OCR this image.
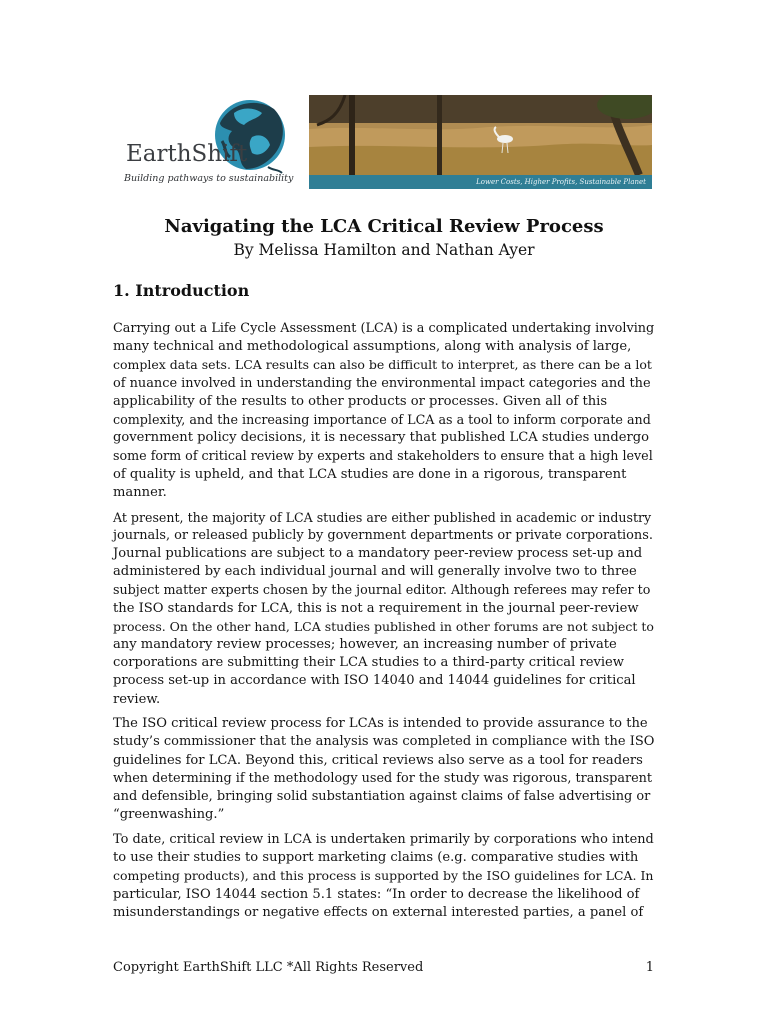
EarthShift
Building pathways to sustainability	Lower Costs, Higher Profits, Sustainable Planet
Navigating the LCA Critical Review Process
By Melissa Hamilton and Nathan Ayer
1. Introduction

Carrying out a Life Cycle Assessment (LCA) is a complicated undertaking involving
many technical and methodological assumptions, along with analysis of large,
complex data sets. LCA results can also be difficult to interpret, as there can be a lot
of nuance involved in understanding the environmental impact categories and the
applicability of the results to other products or processes. Given all of this
complexity, and the increasing importance of LCA as a tool to inform corporate and
government policy decisions, it is necessary that published LCA studies undergo
some form of critical review by experts and stakeholders to ensure that a high level
of quality is upheld, and that LCA studies are done in a rigorous, transparent
manner.

At present, the majority of LCA studies are either published in academic or industry
journals, or released publicly by government departments or private corporations.
Journal publications are subject to a mandatory peer-review process set-up and
administered by each individual journal and will generally involve two to three
subject matter experts chosen by the journal editor. Although referees may refer to
the ISO standards for LCA, this is not a requirement in the journal peer-review
process. On the other hand, LCA studies published in other forums are not subject to
any mandatory review processes; however, an increasing number of private
corporations are submitting their LCA studies to a third-party critical review
process set-up in accordance with ISO 14040 and 14044 guidelines for critical
review.

The ISO critical review process for LCAs is intended to provide assurance to the
study’s commissioner that the analysis was completed in compliance with the ISO
guidelines for LCA. Beyond this, critical reviews also serve as a tool for readers
when determining if the methodology used for the study was rigorous, transparent
and defensible, bringing solid substantiation against claims of false advertising or
“greenwashing.”

To date, critical review in LCA is undertaken primarily by corporations who intend
to use their studies to support marketing claims (e.g. comparative studies with
competing products), and this process is supported by the ISO guidelines for LCA. In
particular, ISO 14044 section 5.1 states: “In order to decrease the likelihood of
misunderstandings or negative effects on external interested parties, a panel of

Copyright EarthShift LLC *All Rights Reserved	1
